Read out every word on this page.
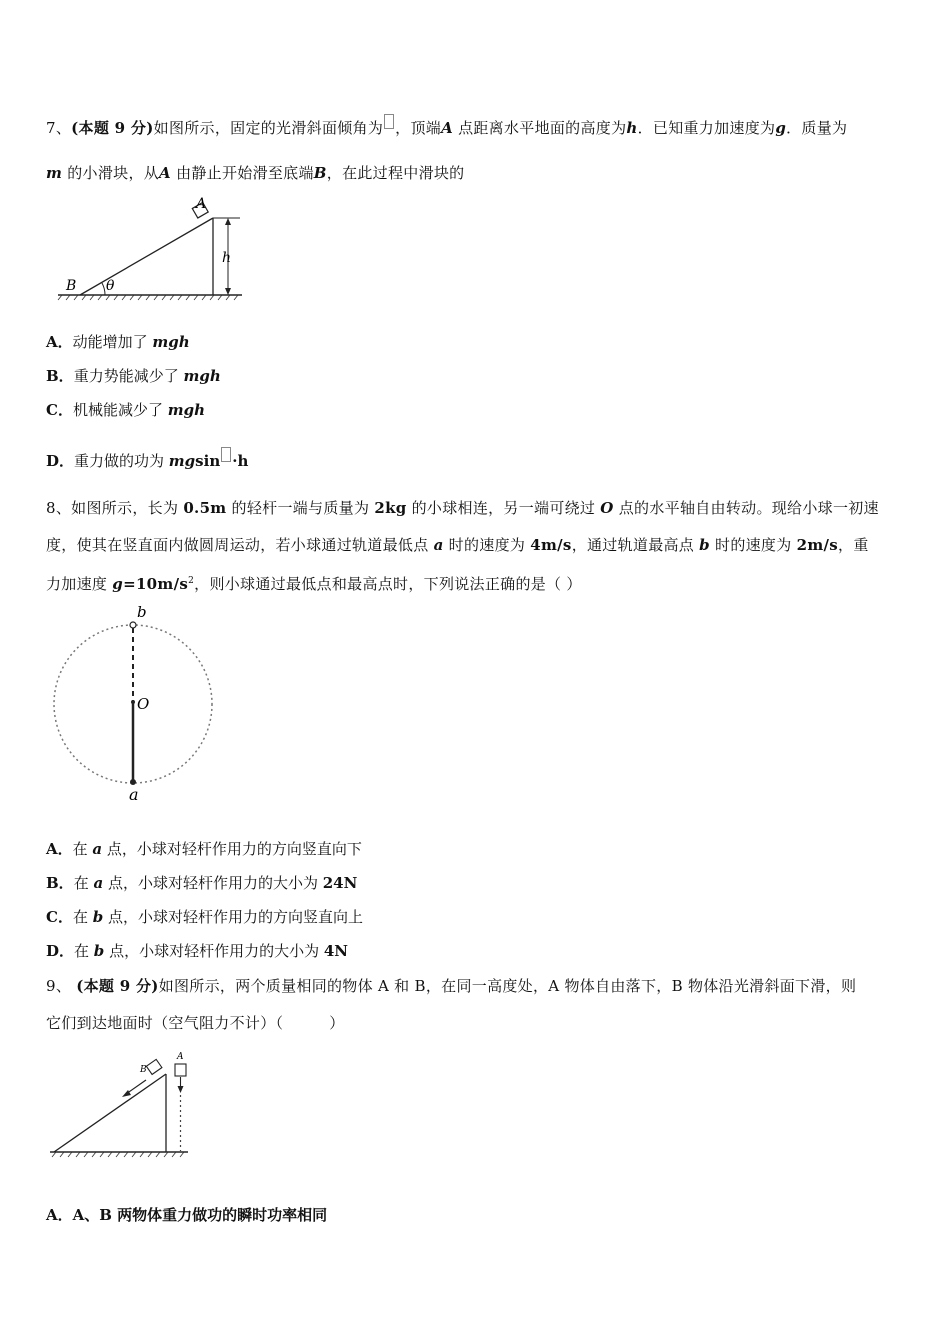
7、(本题 9 分)如图所示，固定的光滑斜面倾角为 ，顶端A 点距离水平地面的高度为h．已知重力加速度为g．质量为
m 的小滑块，从A 由静止开始滑至底端B，在此过程中滑块的
A
B θ
h
A．动能增加了 mgh
B．重力势能减少了 mgh
C．机械能减少了 mgh
D．重力做的功为 mgsin ·h
8、如图所示，长为 0.5m 的轻杆一端与质量为 2kg 的小球相连，另一端可绕过 O 点的水平轴自由转动。现给小球一初速
度，使其在竖直面内做圆周运动，若小球通过轨道最低点 a 时的速度为 4m/s，通过轨道最高点 b 时的速度为 2m/s，重
力加速度 $g=10m/s^2$，则小球通过最低点和最高点时，下列说法正确的是（ ）
b
O
a
A．在 a 点，小球对轻杆作用力的方向竖直向下
B．在 a 点，小球对轻杆作用力的大小为 24N
C．在 b 点，小球对轻杆作用力的方向竖直向上
D．在 b 点，小球对轻杆作用力的大小为 4N
9、 (本题 9 分)如图所示，两个质量相同的物体 A 和 B，在同一高度处，A 物体自由落下，B 物体沿光滑斜面下滑，则
它们到达地面时（空气阻力不计）（　　　）
B
A
A．A、B 两物体重力做功的瞬时功率相同
